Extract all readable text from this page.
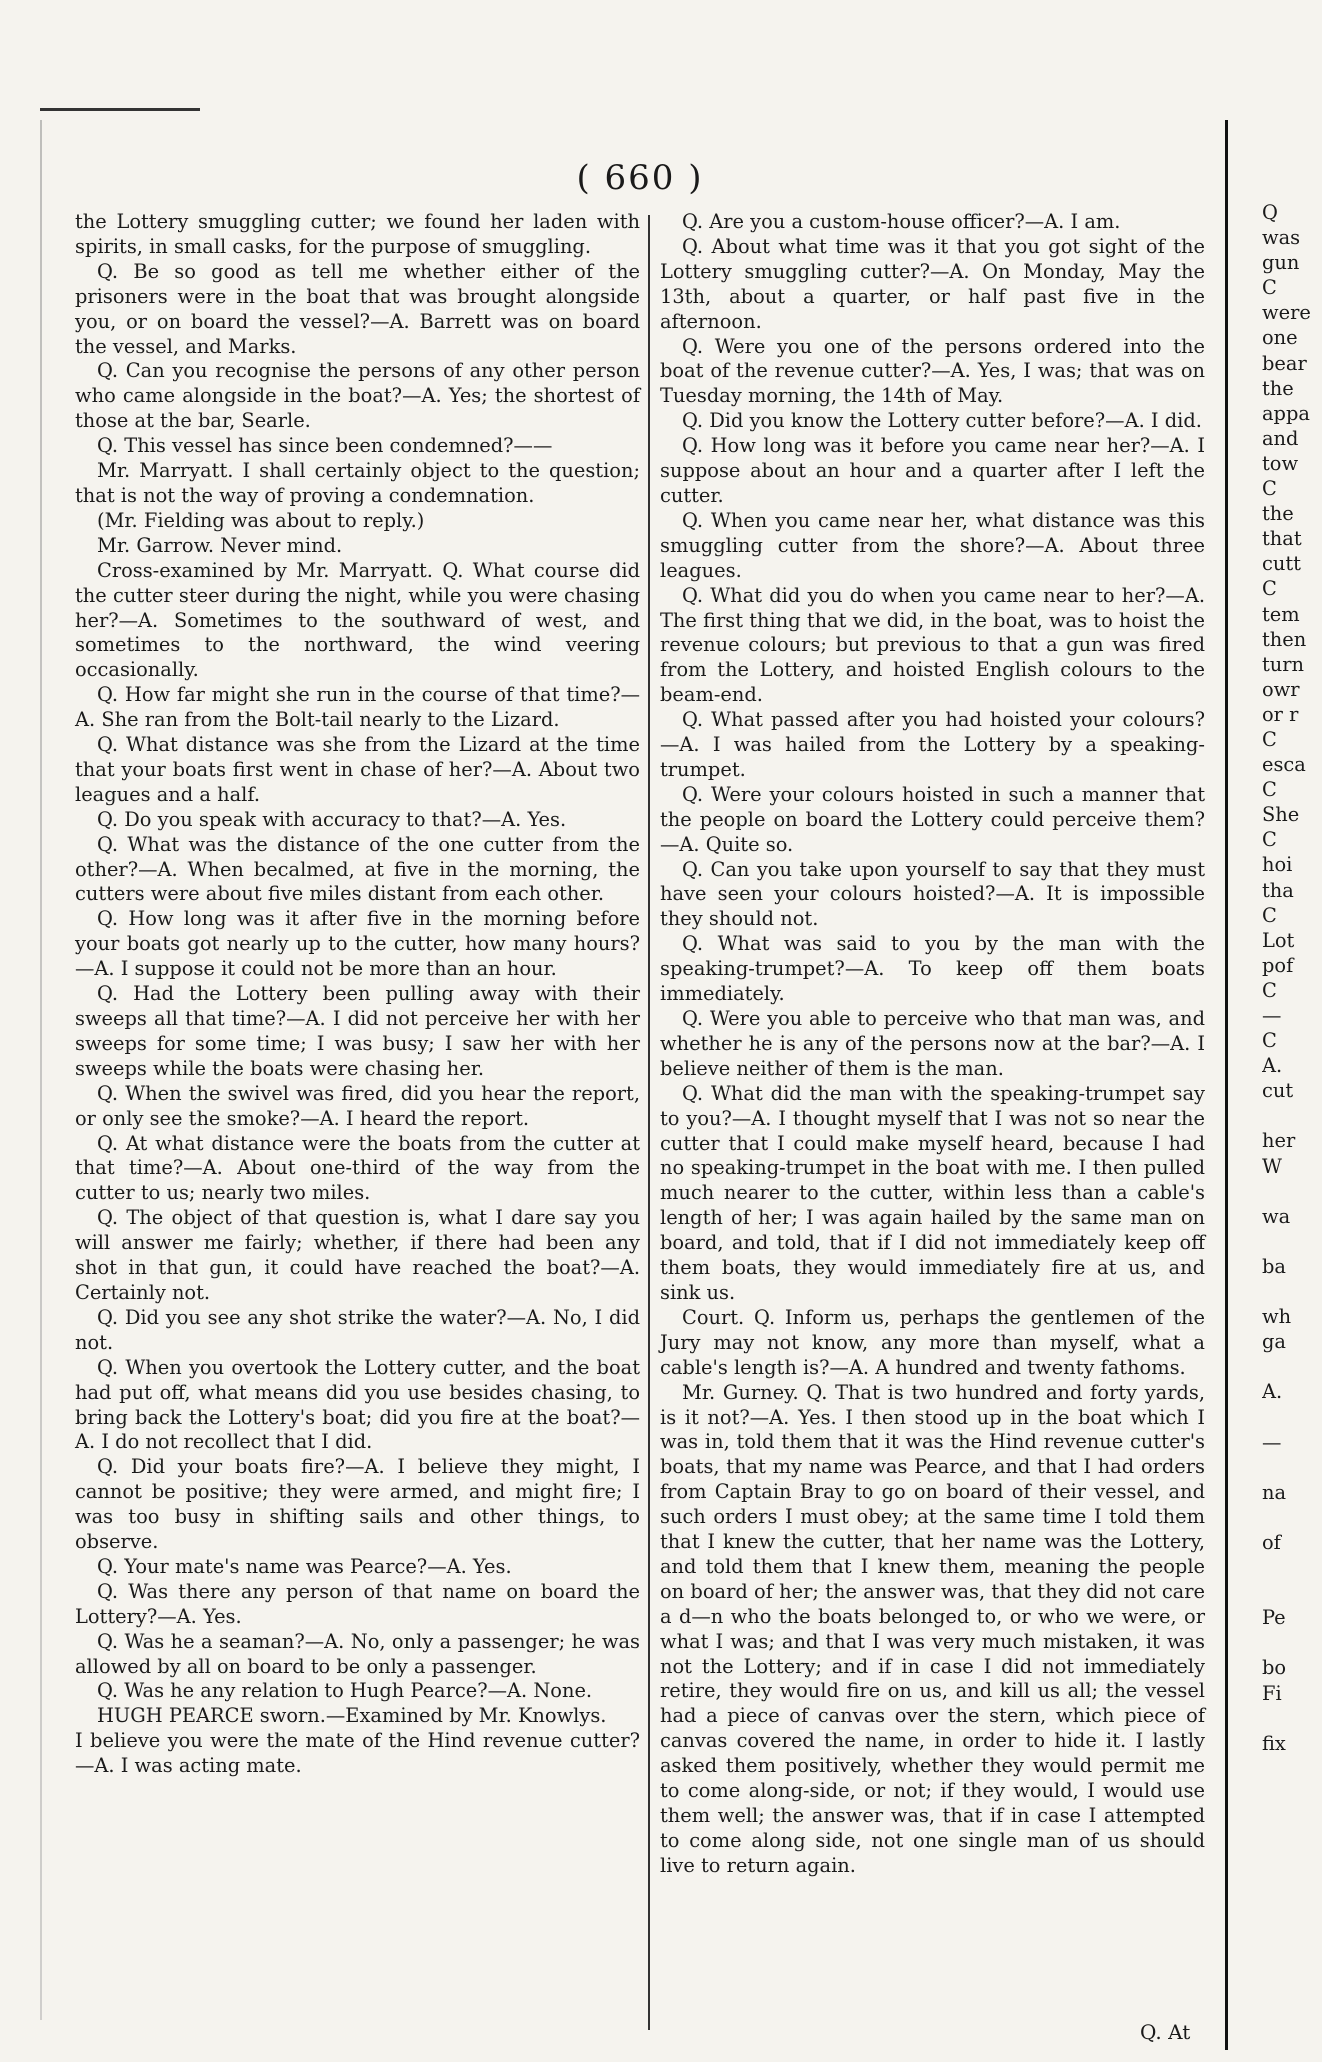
( 660 )

the Lottery smuggling cutter; we found her laden with spirits, in small casks, for the purpose of smuggling.

Q. Be so good as tell me whether either of the prisoners were in the boat that was brought alongside you, or on board the vessel?—A. Barrett was on board the vessel, and Marks.

Q. Can you recognise the persons of any other person who came alongside in the boat?—A. Yes; the shortest of those at the bar, Searle.

Q. This vessel has since been condemned?——

Mr. Marryatt. I shall certainly object to the question; that is not the way of proving a condemnation.

(Mr. Fielding was about to reply.)

Mr. Garrow. Never mind.

Cross-examined by Mr. Marryatt. Q. What course did the cutter steer during the night, while you were chasing her?—A. Sometimes to the southward of west, and sometimes to the northward, the wind veering occasionally.

Q. How far might she run in the course of that time?—A. She ran from the Bolt-tail nearly to the Lizard.

Q. What distance was she from the Lizard at the time that your boats first went in chase of her?—A. About two leagues and a half.

Q. Do you speak with accuracy to that?—A. Yes.

Q. What was the distance of the one cutter from the other?—A. When becalmed, at five in the morning, the cutters were about five miles distant from each other.

Q. How long was it after five in the morning before your boats got nearly up to the cutter, how many hours?—A. I suppose it could not be more than an hour.

Q. Had the Lottery been pulling away with their sweeps all that time?—A. I did not perceive her with her sweeps for some time; I was busy; I saw her with her sweeps while the boats were chasing her.

Q. When the swivel was fired, did you hear the report, or only see the smoke?—A. I heard the report.

Q. At what distance were the boats from the cutter at that time?—A. About one-third of the way from the cutter to us; nearly two miles.

Q. The object of that question is, what I dare say you will answer me fairly; whether, if there had been any shot in that gun, it could have reached the boat?—A. Certainly not.

Q. Did you see any shot strike the water?—A. No, I did not.

Q. When you overtook the Lottery cutter, and the boat had put off, what means did you use besides chasing, to bring back the Lottery's boat; did you fire at the boat?—A. I do not recollect that I did.

Q. Did your boats fire?—A. I believe they might, I cannot be positive; they were armed, and might fire; I was too busy in shifting sails and other things, to observe.

Q. Your mate's name was Pearce?—A. Yes.

Q. Was there any person of that name on board the Lottery?—A. Yes.

Q. Was he a seaman?—A. No, only a passenger; he was allowed by all on board to be only a passenger.

Q. Was he any relation to Hugh Pearce?—A. None.

HUGH PEARCE sworn.—Examined by Mr. Knowlys.

I believe you were the mate of the Hind revenue cutter?—A. I was acting mate.

Q. Are you a custom-house officer?—A. I am.

Q. About what time was it that you got sight of the Lottery smuggling cutter?—A. On Monday, May the 13th, about a quarter, or half past five in the afternoon.

Q. Were you one of the persons ordered into the boat of the revenue cutter?—A. Yes, I was; that was on Tuesday morning, the 14th of May.

Q. Did you know the Lottery cutter before?—A. I did.

Q. How long was it before you came near her?—A. I suppose about an hour and a quarter after I left the cutter.

Q. When you came near her, what distance was this smuggling cutter from the shore?—A. About three leagues.

Q. What did you do when you came near to her?—A. The first thing that we did, in the boat, was to hoist the revenue colours; but previous to that a gun was fired from the Lottery, and hoisted English colours to the beam-end.

Q. What passed after you had hoisted your colours?—A. I was hailed from the Lottery by a speaking-trumpet.

Q. Were your colours hoisted in such a manner that the people on board the Lottery could perceive them?—A. Quite so.

Q. Can you take upon yourself to say that they must have seen your colours hoisted?—A. It is impossible they should not.

Q. What was said to you by the man with the speaking-trumpet?—A. To keep off them boats immediately.

Q. Were you able to perceive who that man was, and whether he is any of the persons now at the bar?—A. I believe neither of them is the man.

Q. What did the man with the speaking-trumpet say to you?—A. I thought myself that I was not so near the cutter that I could make myself heard, because I had no speaking-trumpet in the boat with me. I then pulled much nearer to the cutter, within less than a cable's length of her; I was again hailed by the same man on board, and told, that if I did not immediately keep off them boats, they would immediately fire at us, and sink us.

Court. Q. Inform us, perhaps the gentlemen of the Jury may not know, any more than myself, what a cable's length is?—A. A hundred and twenty fathoms.

Mr. Gurney. Q. That is two hundred and forty yards, is it not?—A. Yes. I then stood up in the boat which I was in, told them that it was the Hind revenue cutter's boats, that my name was Pearce, and that I had orders from Captain Bray to go on board of their vessel, and such orders I must obey; at the same time I told them that I knew the cutter, that her name was the Lottery, and told them that I knew them, meaning the people on board of her; the answer was, that they did not care a d—n who the boats belonged to, or who we were, or what I was; and that I was very much mistaken, it was not the Lottery; and if in case I did not immediately retire, they would fire on us, and kill us all; the vessel had a piece of canvas over the stern, which piece of canvas covered the name, in order to hide it. I lastly asked them positively, whether they would permit me to come along-side, or not; if they would, I would use them well; the answer was, that if in case I attempted to come along side, not one single man of us should live to return again.

Q
was
gun
C
were
one
bear
the
appa
and
tow
C
the
that
cutt
C
tem
then
turn
owr
or r
C
esca
C
She
C
hoi
tha
C
Lot
pof
C
—
C
A.
cut
her
W
wa
ba
wh
ga
A.
—
na
of
Pe
bo
Fi
fix
Q. At
